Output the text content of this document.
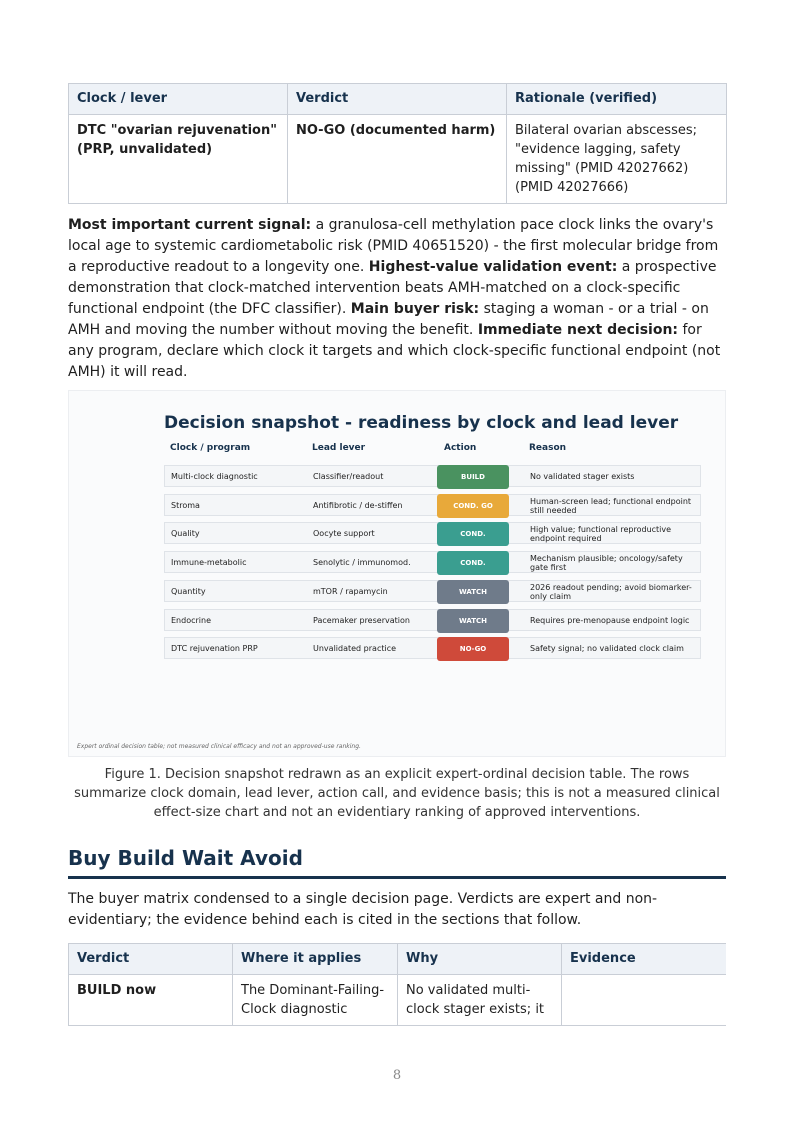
Clock / lever	Verdict	Rationale (verified)
DTC "ovarian rejuvenation" (PRP, unvalidated)	NO-GO (documented harm)	Bilateral ovarian abscesses; "evidence lagging, safety missing" (PMID 42027662) (PMID 42027666)

Most important current signal: a granulosa-cell methylation pace clock links the ovary's local age to systemic cardiometabolic risk (PMID 40651520) - the first molecular bridge from a reproductive readout to a longevity one. Highest-value validation event: a prospective demonstration that clock-matched intervention beats AMH-matched on a clock-specific functional endpoint (the DFC classifier). Main buyer risk: staging a woman - or a trial - on AMH and moving the number without moving the benefit. Immediate next decision: for any program, declare which clock it targets and which clock-specific functional endpoint (not AMH) it will read.

Decision snapshot - readiness by clock and lead lever
Clock / program	Lead lever	Action	Reason
Multi-clock diagnostic	Classifier/readout	BUILD	No validated stager exists
Stroma	Antifibrotic / de-stiffen	COND. GO	Human-screen lead; functional endpoint still needed
Quality	Oocyte support	COND.	High value; functional reproductive endpoint required
Immune-metabolic	Senolytic / immunomod.	COND.	Mechanism plausible; oncology/safety gate first
Quantity	mTOR / rapamycin	WATCH	2026 readout pending; avoid biomarker-only claim
Endocrine	Pacemaker preservation	WATCH	Requires pre-menopause endpoint logic
DTC rejuvenation PRP	Unvalidated practice	NO-GO	Safety signal; no validated clock claim
Expert ordinal decision table; not measured clinical efficacy and not an approved-use ranking.
Figure 1. Decision snapshot redrawn as an explicit expert-ordinal decision table. The rows summarize clock domain, lead lever, action call, and evidence basis; this is not a measured clinical effect-size chart and not an evidentiary ranking of approved interventions.
Buy Build Wait Avoid

The buyer matrix condensed to a single decision page. Verdicts are expert and non-evidentiary; the evidence behind each is cited in the sections that follow.

Verdict	Where it applies	Why	Evidence
BUILD now	The Dominant-Failing-Clock diagnostic	No validated multi-clock stager exists; it	
8
